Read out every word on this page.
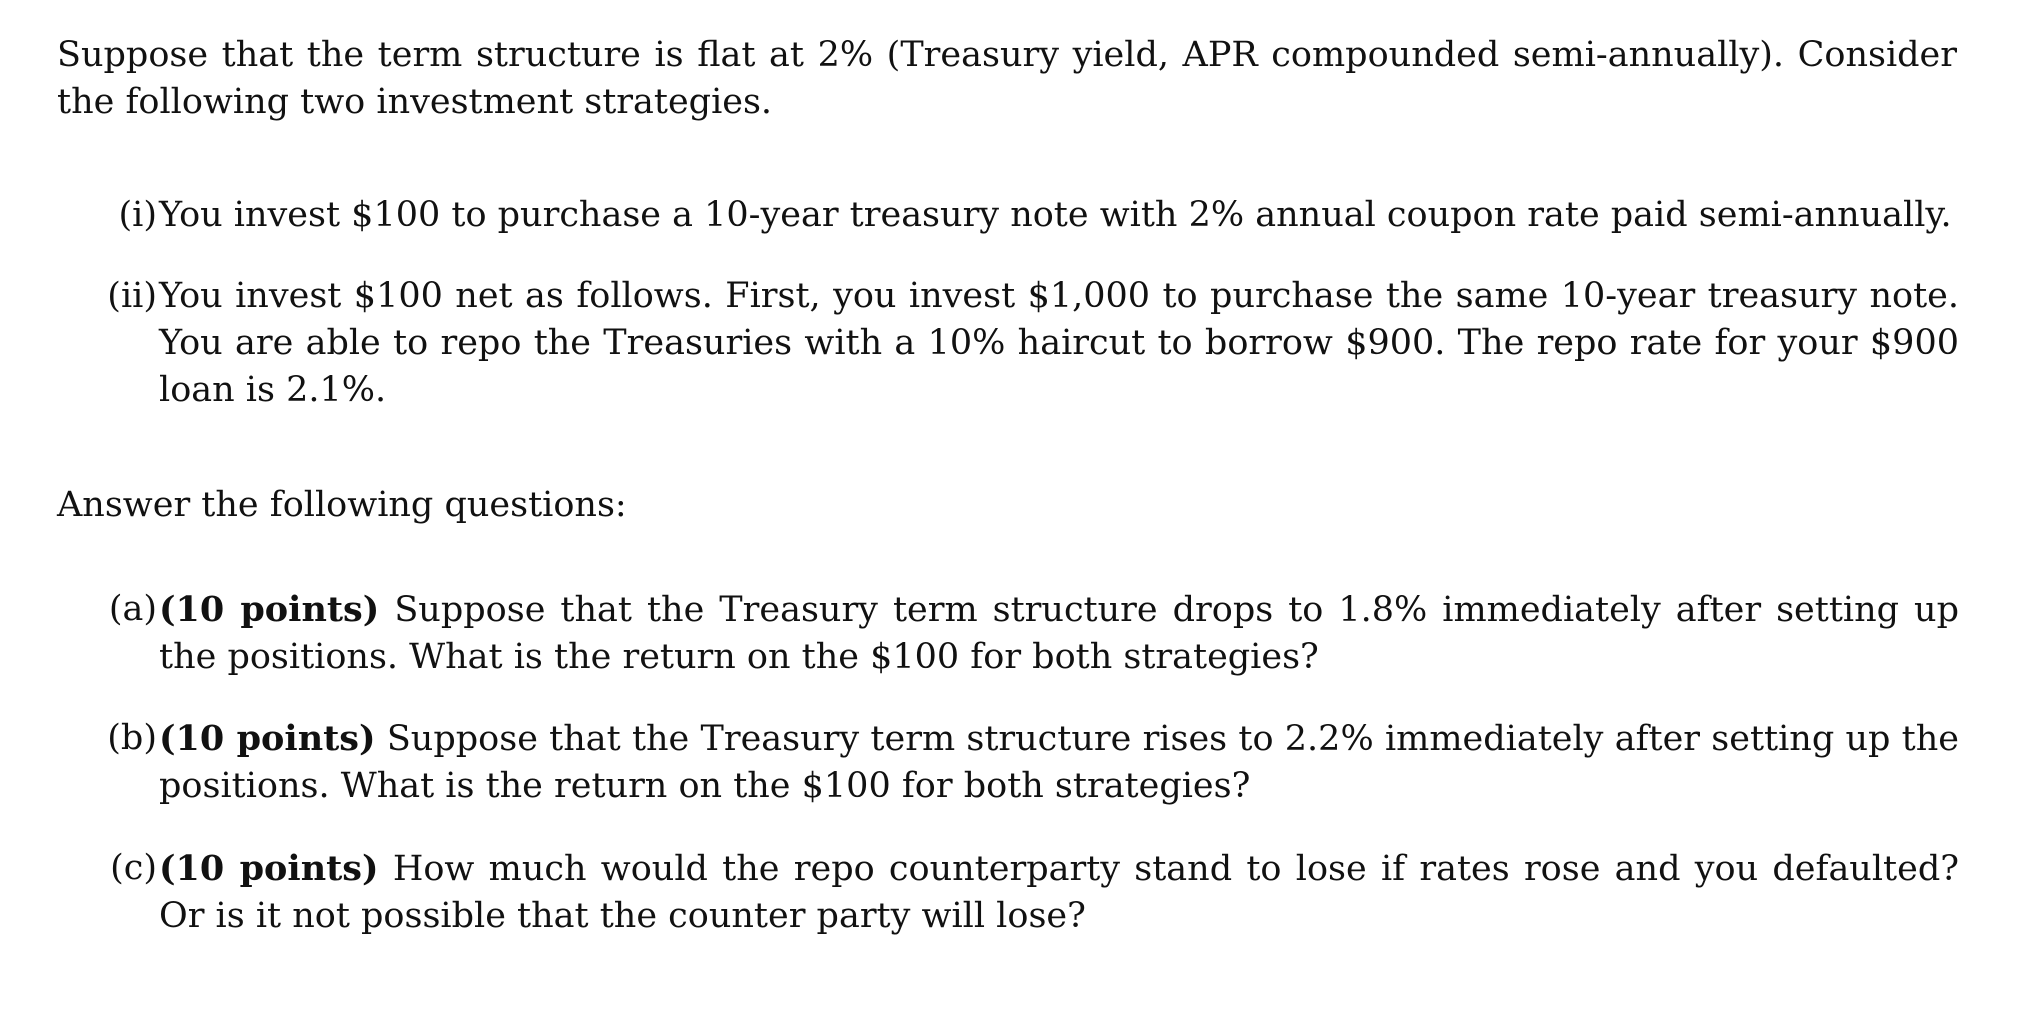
Suppose that the term structure is flat at 2% (Treasury yield, APR compounded semi-annually). Consider the following two investment strategies.

(i) You invest $100 to purchase a 10-year treasury note with 2% annual coupon rate paid semi-annually.
(ii) You invest $100 net as follows. First, you invest $1,000 to purchase the same 10-year treasury note. You are able to repo the Treasuries with a 10% haircut to borrow $900. The repo rate for your $900 loan is 2.1%.

Answer the following questions:

(a) (10 points) Suppose that the Treasury term structure drops to 1.8% immediately after setting up the positions. What is the return on the $100 for both strategies?
(b) (10 points) Suppose that the Treasury term structure rises to 2.2% immediately after setting up the positions. What is the return on the $100 for both strategies?
(c) (10 points) How much would the repo counterparty stand to lose if rates rose and you defaulted? Or is it not possible that the counter party will lose?
